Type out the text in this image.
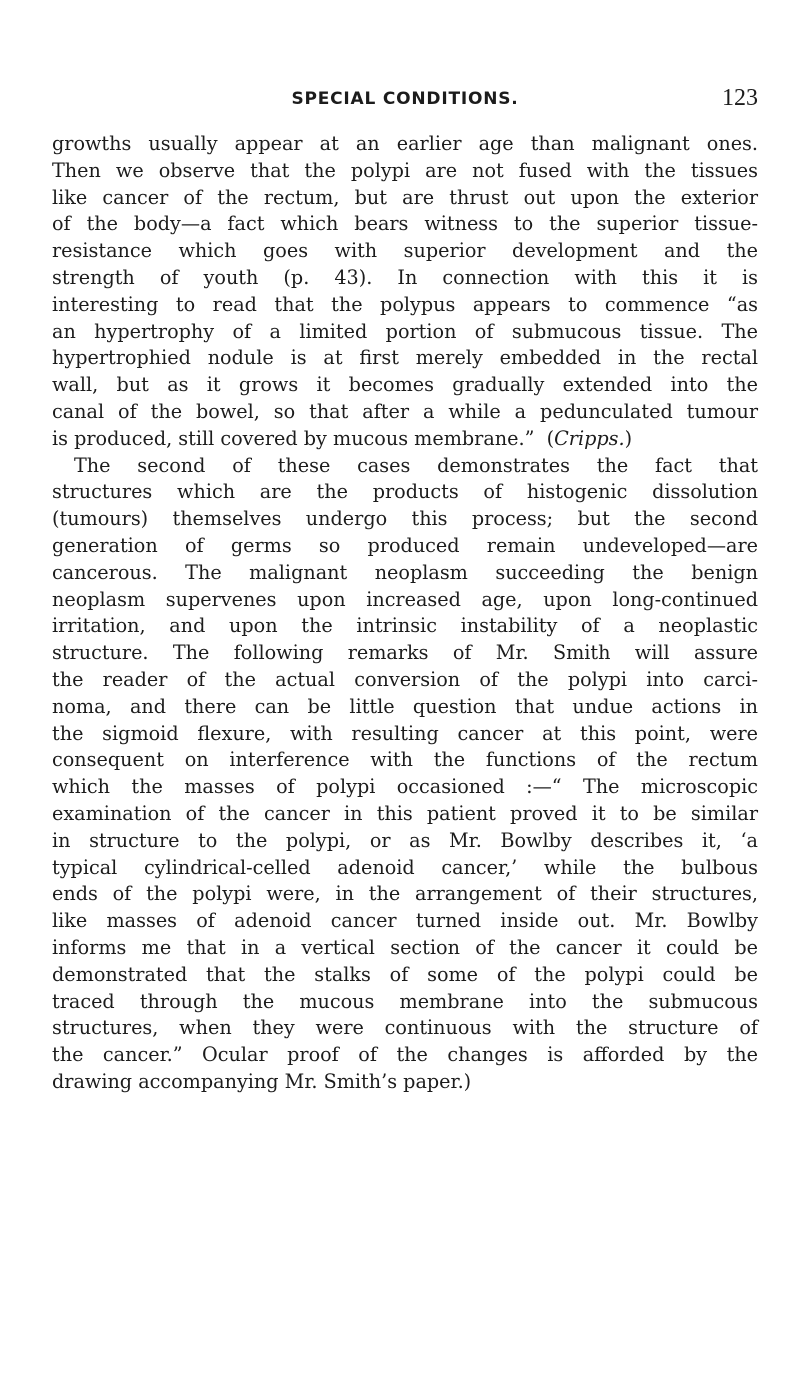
SPECIAL CONDITIONS.	123
growths usually appear at an earlier age than malignant ones.
Then we observe that the polypi are not fused with the tissues
like cancer of the rectum, but are thrust out upon the exterior
of the body—a fact which bears witness to the superior tissue-
resistance which goes with superior development and the
strength of youth (p. 43). In connection with this it is
interesting to read that the polypus appears to commence “as
an hypertrophy of a limited portion of submucous tissue. The
hypertrophied nodule is at first merely embedded in the rectal
wall, but as it grows it becomes gradually extended into the
canal of the bowel, so that after a while a pedunculated tumour
is produced, still covered by mucous membrane.” (Cripps.)
The second of these cases demonstrates the fact that
structures which are the products of histogenic dissolution
(tumours) themselves undergo this process; but the second
generation of germs so produced remain undeveloped—are
cancerous. The malignant neoplasm succeeding the benign
neoplasm supervenes upon increased age, upon long-continued
irritation, and upon the intrinsic instability of a neoplastic
structure. The following remarks of Mr. Smith will assure
the reader of the actual conversion of the polypi into carci-
noma, and there can be little question that undue actions in
the sigmoid flexure, with resulting cancer at this point, were
consequent on interference with the functions of the rectum
which the masses of polypi occasioned :—“ The microscopic
examination of the cancer in this patient proved it to be similar
in structure to the polypi, or as Mr. Bowlby describes it, ‘a
typical cylindrical-celled adenoid cancer,’ while the bulbous
ends of the polypi were, in the arrangement of their structures,
like masses of adenoid cancer turned inside out. Mr. Bowlby
informs me that in a vertical section of the cancer it could be
demonstrated that the stalks of some of the polypi could be
traced through the mucous membrane into the submucous
structures, when they were continuous with the structure of
the cancer.” Ocular proof of the changes is afforded by the
drawing accompanying Mr. Smith’s paper.)
